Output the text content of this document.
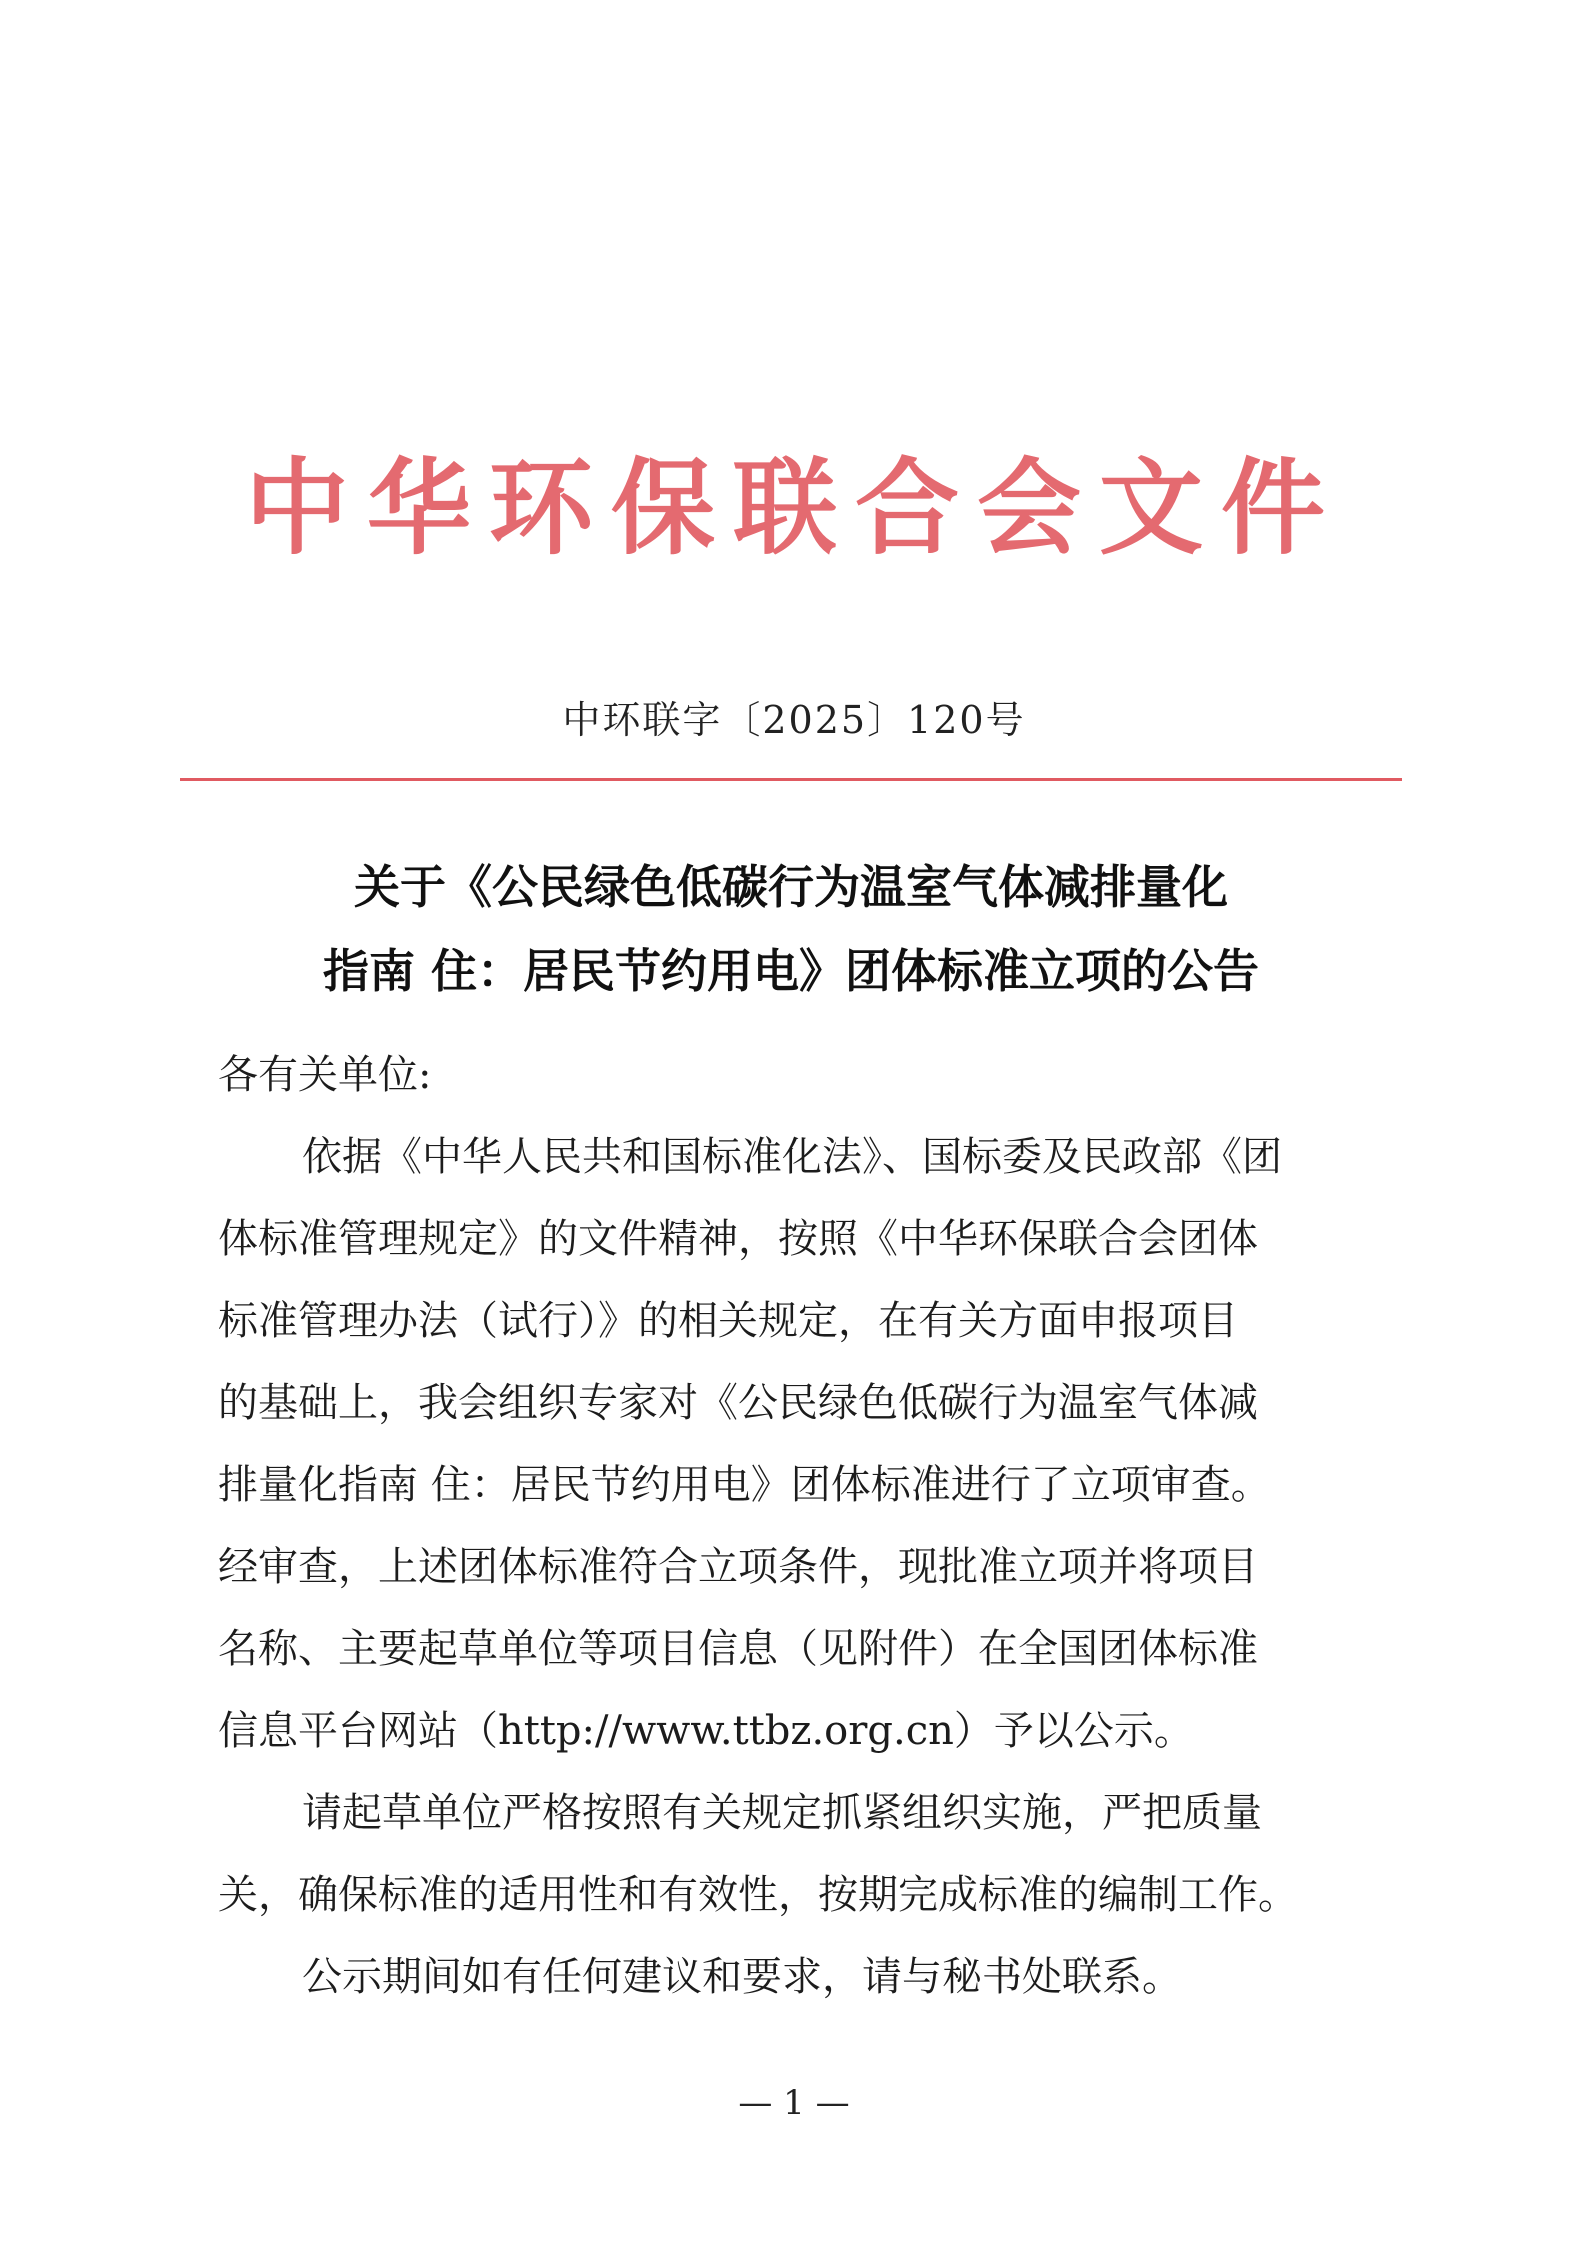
中华环保联合会文件
中环联字〔2025〕120号
关于《公民绿色低碳行为温室气体减排量化
指南 住：居民节约用电》团体标准立项的公告
各有关单位:
依据《中华人民共和国标准化法》、国标委及民政部《团
体标准管理规定》的文件精神，按照《中华环保联合会团体
标准管理办法（试行）》的相关规定，在有关方面申报项目
的基础上，我会组织专家对《公民绿色低碳行为温室气体减
排量化指南 住：居民节约用电》团体标准进行了立项审查。
经审查，上述团体标准符合立项条件，现批准立项并将项目
名称、主要起草单位等项目信息（见附件）在全国团体标准
信息平台网站（http://www.ttbz.org.cn）予以公示。
请起草单位严格按照有关规定抓紧组织实施，严把质量
关，确保标准的适用性和有效性，按期完成标准的编制工作。
公示期间如有任何建议和要求，请与秘书处联系。
— 1 —
